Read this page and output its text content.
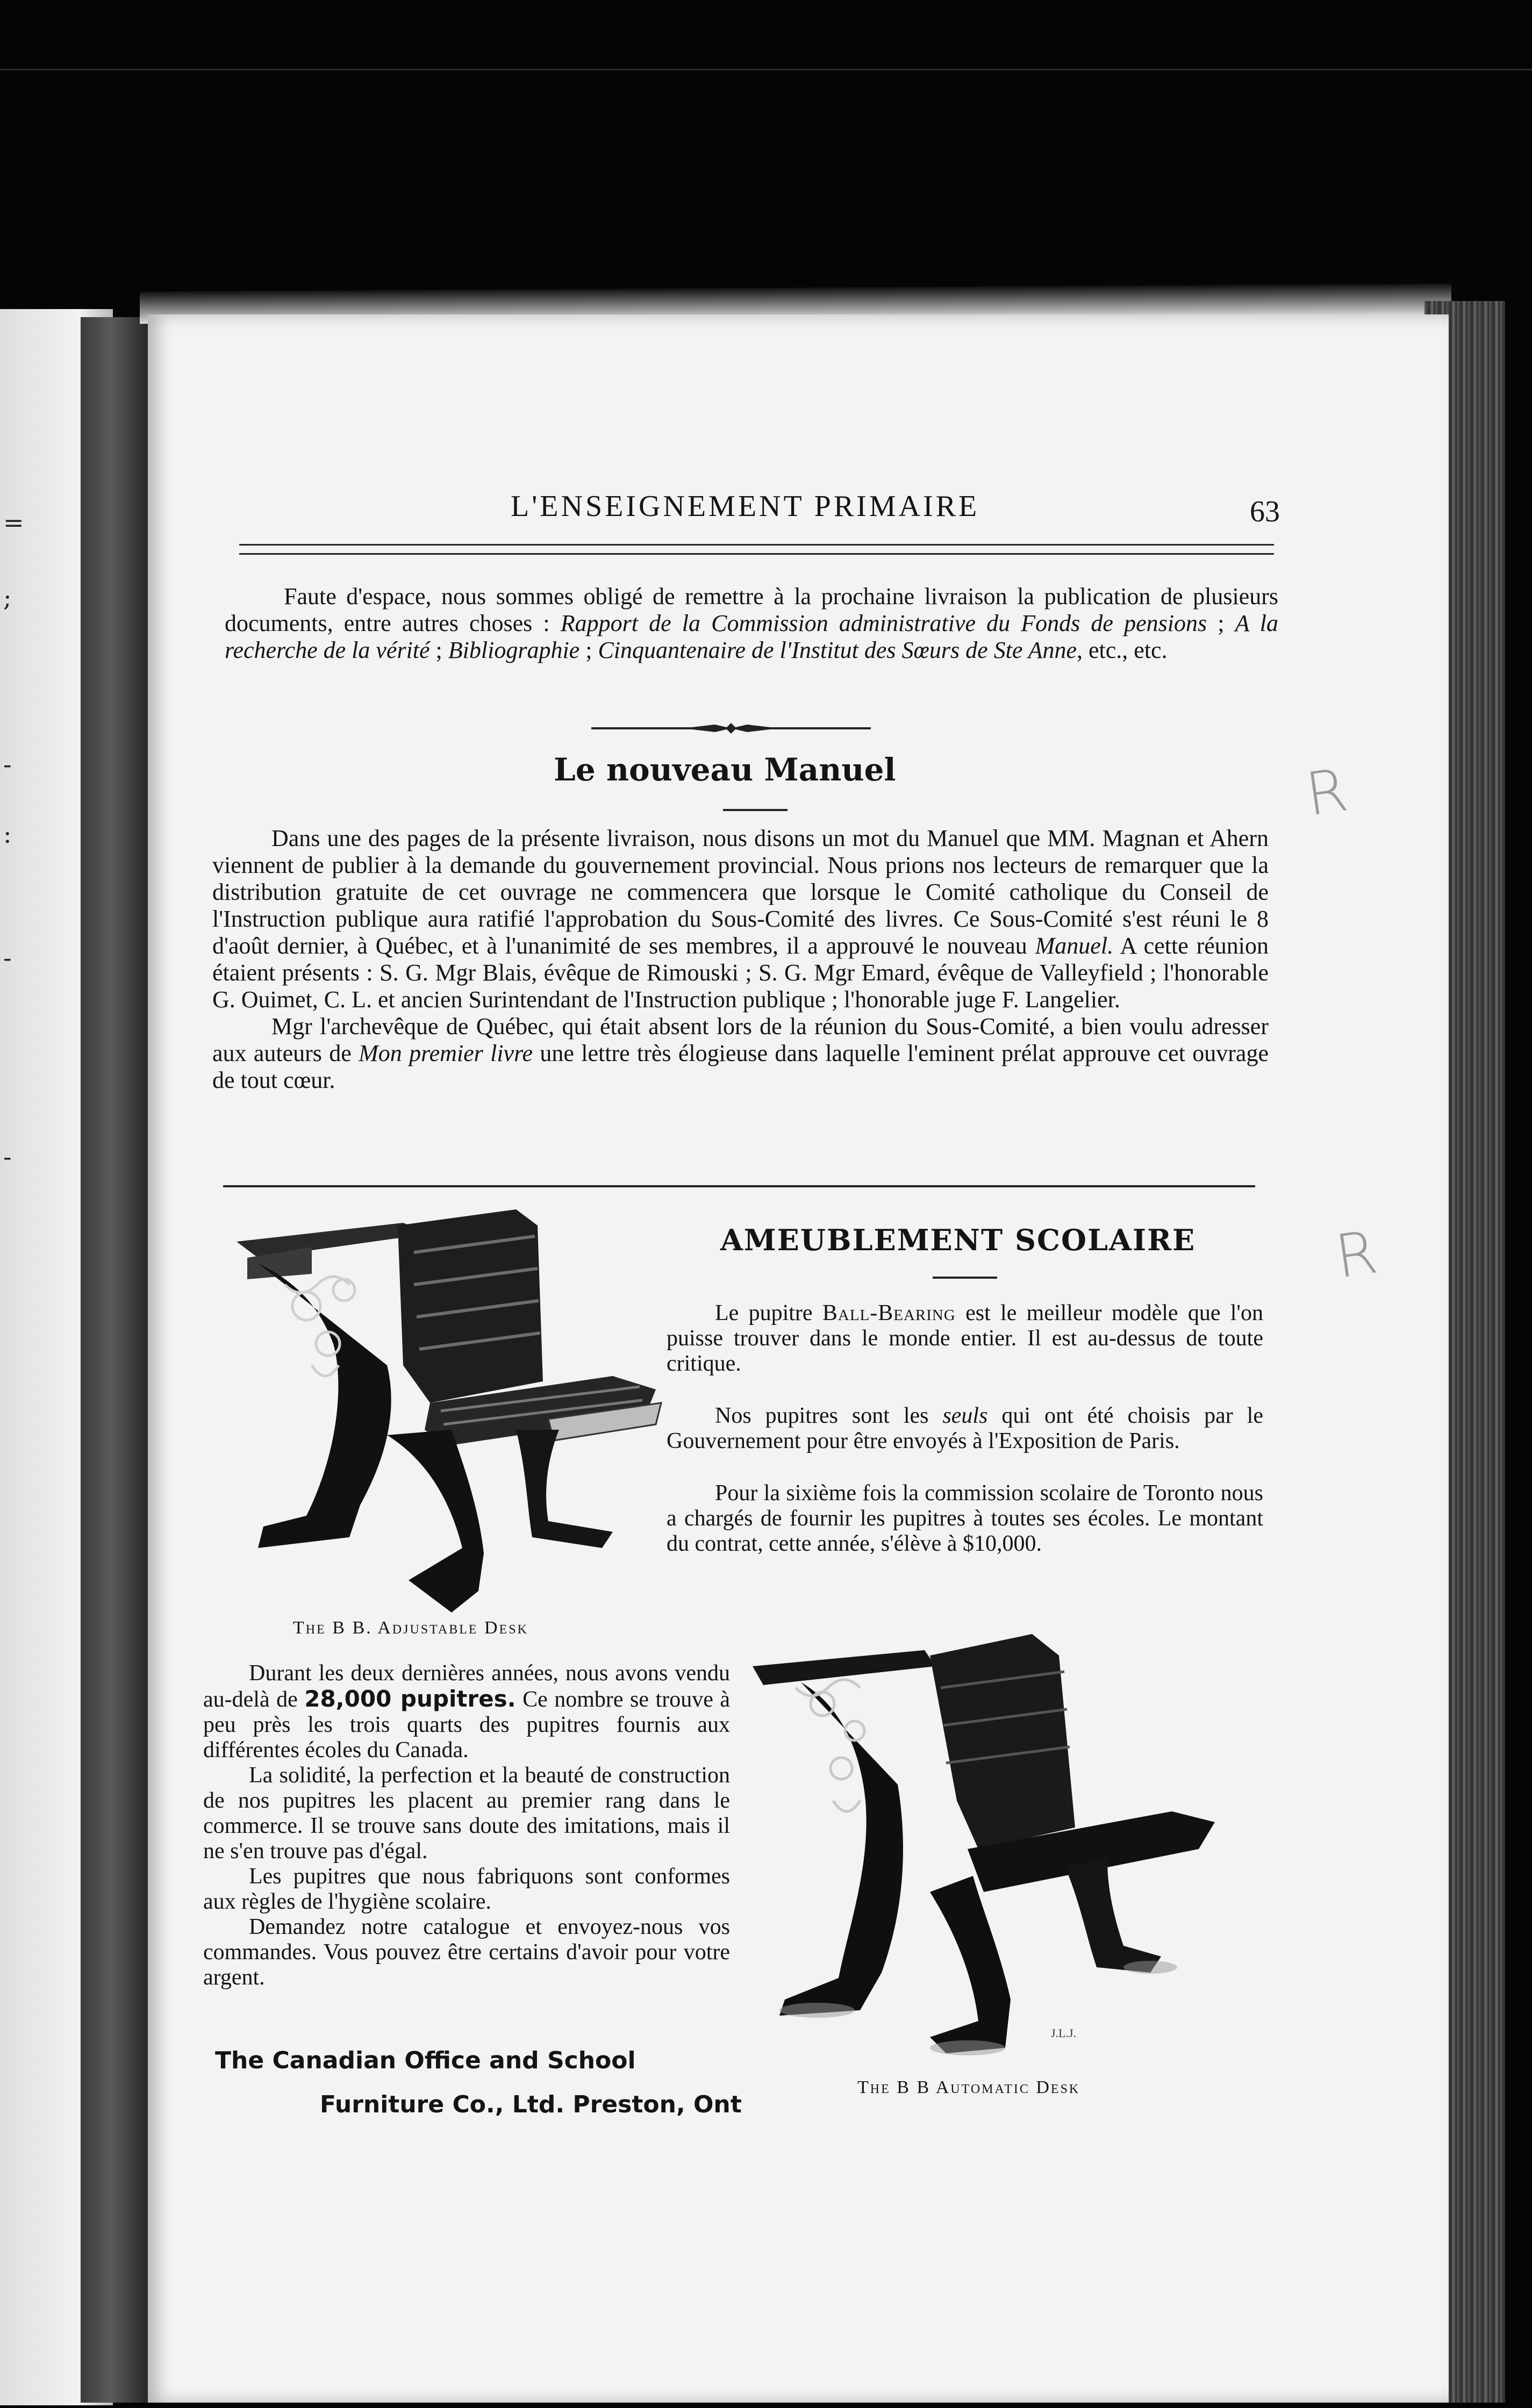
=
;
-
:
-
-
L'ENSEIGNEMENT PRIMAIRE	63
Faute d'espace, nous sommes obligé de remettre à la prochaine livraison la publication de plusieurs documents, entre autres choses : Rapport de la Commission administrative du Fonds de pensions ; A la recherche de la vérité ; Bibliographie ; Cinquantenaire de l'Institut des Sœurs de Ste Anne, etc., etc.
Le nouveau Manuel

Dans une des pages de la présente livraison, nous disons un mot du Manuel que MM. Magnan et Ahern viennent de publier à la demande du gouvernement provincial. Nous prions nos lecteurs de remarquer que la distribution gratuite de cet ouvrage ne commencera que lorsque le Comité catholique du Conseil de l'Instruction publique aura ratifié l'approbation du Sous-Comité des livres. Ce Sous-Comité s'est réuni le 8 d'août dernier, à Québec, et à l'unanimité de ses membres, il a approuvé le nouveau Manuel. A cette réunion étaient présents : S. G. Mgr Blais, évêque de Rimouski ; S. G. Mgr Emard, évêque de Valleyfield ; l'honorable G. Ouimet, C. L. et ancien Surintendant de l'Instruction publique ; l'honorable juge F. Langelier.

Mgr l'archevêque de Québec, qui était absent lors de la réunion du Sous-Comité, a bien voulu adresser aux auteurs de Mon premier livre une lettre très élogieuse dans laquelle l'eminent prélat approuve cet ouvrage de tout cœur.

AMEUBLEMENT SCOLAIRE

Le pupitre Ball-Bearing est le meilleur modèle que l'on puisse trouver dans le monde entier. Il est au-dessus de toute critique.

Nos pupitres sont les seuls qui ont été choisis par le Gouvernement pour être envoyés à l'Exposition de Paris.

Pour la sixième fois la commission scolaire de Toronto nous a chargés de fournir les pupitres à toutes ses écoles. Le montant du contrat, cette année, s'élève à $10,000.

The B B. Adjustable Desk

Durant les deux dernières années, nous avons vendu au-delà de 28,000 pupitres. Ce nombre se trouve à peu près les trois quarts des pupitres fournis aux différentes écoles du Canada.

La solidité, la perfection et la beauté de construction de nos pupitres les placent au premier rang dans le commerce. Il se trouve sans doute des imitations, mais il ne s'en trouve pas d'égal.

Les pupitres que nous fabriquons sont conformes aux règles de l'hygiène scolaire.

Demandez notre catalogue et envoyez-nous vos commandes. Vous pouvez être certains d'avoir pour votre argent.

The Canadian Office and School
Furniture Co., Ltd. Preston, Ont
J.L.J.
The B B Automatic Desk
R
R
